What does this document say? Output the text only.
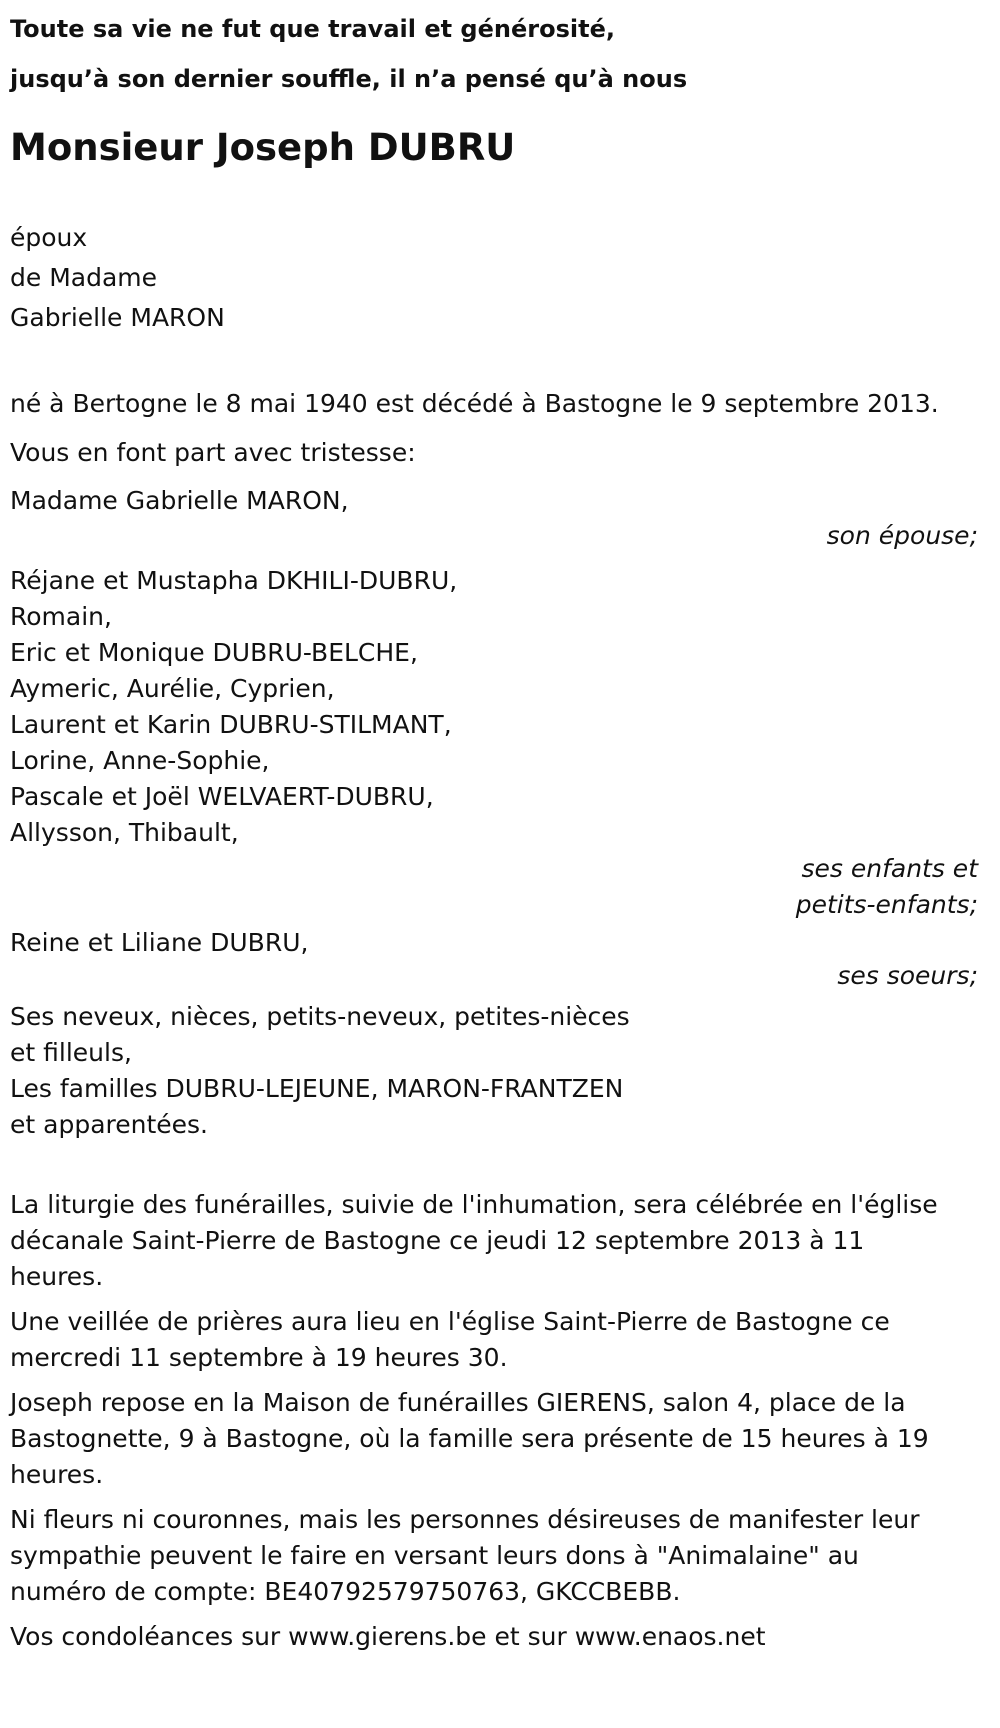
Toute sa vie ne fut que travail et générosité,
jusqu’à son dernier souffle, il n’a pensé qu’à nous
Monsieur Joseph DUBRU
époux
de Madame
Gabrielle MARON
né à Bertogne le 8 mai 1940 est décédé à Bastogne le 9 septembre 2013.
Vous en font part avec tristesse:
Madame Gabrielle MARON,
son épouse;
Réjane et Mustapha DKHILI-DUBRU,
Romain,
Eric et Monique DUBRU-BELCHE,
Aymeric, Aurélie, Cyprien,
Laurent et Karin DUBRU-STILMANT,
Lorine, Anne-Sophie,
Pascale et Joël WELVAERT-DUBRU,
Allysson, Thibault,
ses enfants et
petits-enfants;
Reine et Liliane DUBRU,
ses soeurs;
Ses neveux, nièces, petits-neveux, petites-nièces
et filleuls,
Les familles DUBRU-LEJEUNE, MARON-FRANTZEN
et apparentées.
La liturgie des funérailles, suivie de l'inhumation, sera célébrée en l'église
décanale Saint-Pierre de Bastogne ce jeudi 12 septembre 2013 à 11
heures.
Une veillée de prières aura lieu en l'église Saint-Pierre de Bastogne ce
mercredi 11 septembre à 19 heures 30.
Joseph repose en la Maison de funérailles GIERENS, salon 4, place de la
Bastognette, 9 à Bastogne, où la famille sera présente de 15 heures à 19
heures.
Ni fleurs ni couronnes, mais les personnes désireuses de manifester leur
sympathie peuvent le faire en versant leurs dons à "Animalaine" au
numéro de compte: BE40792579750763, GKCCBEBB.
Vos condoléances sur www.gierens.be et sur www.enaos.net
